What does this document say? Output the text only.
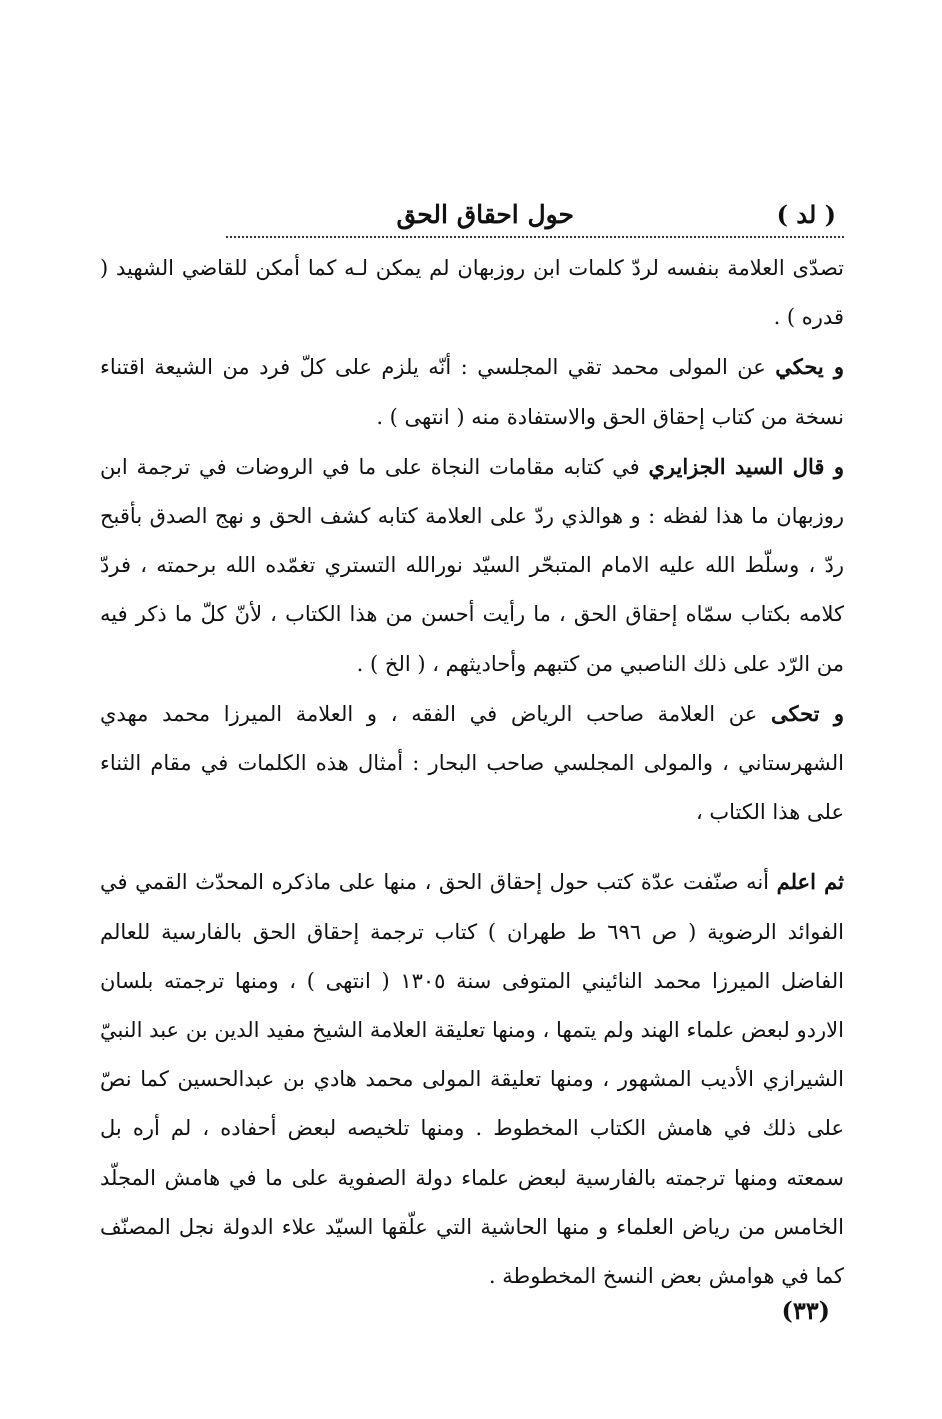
( لد )
حول احقاق الحق

تصدّى العلامة بنفسه لردّ كلمات ابن روزبهان لم يمكن لـه كما أمكن للقاضي الشهيد ( قدره ) .

و يحكي عن المولى محمد تقي المجلسي : أنّه يلزم على كلّ فرد من الشيعة اقتناء نسخة من كتاب إحقاق الحق والاستفادة منه ( انتهى ) .

و قال السيد الجزايري في كتابه مقامات النجاة على ما في الروضات في ترجمة ابن روزبهان ما هذا لفظه : و هوالذي ردّ على العلامة كتابه كشف الحق و نهج الصدق بأقبح ردّ ، وسلّط الله عليه الامام المتبحّر السيّد نورالله التستري تغمّده الله برحمته ، فردّ كلامه بكتاب سمّاه إحقاق الحق ، ما رأيت أحسن من هذا الكتاب ، لأنّ كلّ ما ذكر فيه من الرّد على ذلك الناصبي من كتبهم وأحاديثهم ، ( الخ ) .

و تحكى عن العلامة صاحب الرياض في الفقه ، و العلامة الميرزا محمد مهدي الشهرستاني ، والمولى المجلسي صاحب البحار : أمثال هذه الكلمات في مقام الثناء على هذا الكتاب ،

ثم اعلم أنه صنّفت عدّة كتب حول إحقاق الحق ، منها على ماذكره المحدّث القمي في الفوائد الرضوية ( ص ٦٩٦ ط طهران ) كتاب ترجمة إحقاق الحق بالفارسية للعالم الفاضل الميرزا محمد النائيني المتوفى سنة ١٣٠٥ ( انتهى ) ، ومنها ترجمته بلسان الاردو لبعض علماء الهند ولم يتمها ، ومنها تعليقة العلامة الشيخ مفيد الدين بن عبد النبيّ الشيرازي الأديب المشهور ، ومنها تعليقة المولى محمد هادي بن عبدالحسين كما نصّ على ذلك في هامش الكتاب المخطوط . ومنها تلخيصه لبعض أحفاده ، لم أره بل سمعته ومنها ترجمته بالفارسية لبعض علماء دولة الصفوية على ما في هامش المجلّد الخامس من رياض العلماء و منها الحاشية التي علّقها السيّد علاء الدولة نجل المصنّف كما في هوامش بعض النسخ المخطوطة .

(٣٣)
